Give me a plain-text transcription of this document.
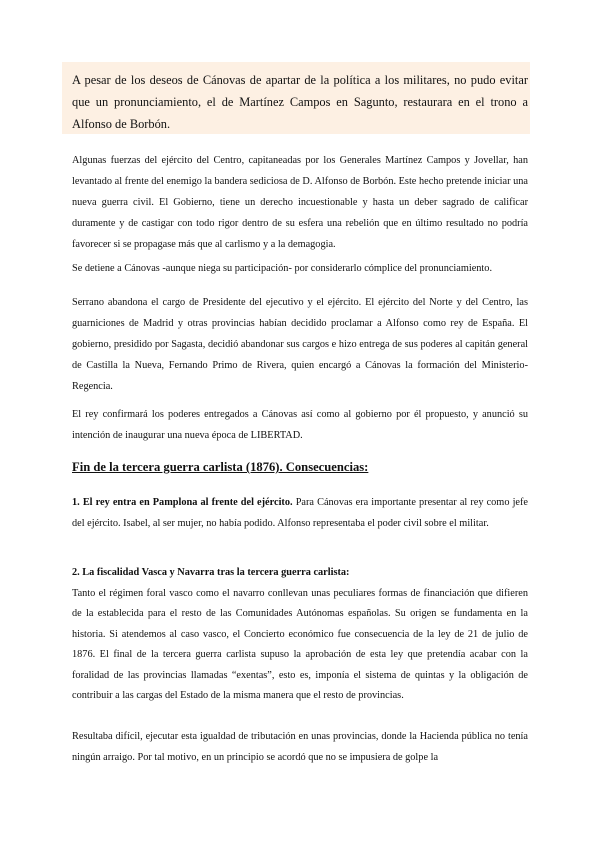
A pesar de los deseos de Cánovas de apartar de la política a los militares, no pudo evitar que un pronunciamiento, el de Martínez Campos en Sagunto, restaurara en el trono a Alfonso de Borbón.

Algunas fuerzas del ejército del Centro, capitaneadas por los Generales Martínez Campos y Jovellar, han levantado al frente del enemigo la bandera sediciosa de D. Alfonso de Borbón. Este hecho pretende iniciar una nueva guerra civil. El Gobierno, tiene un derecho incuestionable y hasta un deber sagrado de calificar duramente y de castigar con todo rigor dentro de su esfera una rebelión que en último resultado no podría favorecer si se propagase más que al carlismo y a la demagogia.

Se detiene a Cánovas -aunque niega su participación- por considerarlo cómplice del pronunciamiento.

Serrano abandona el cargo de Presidente del ejecutivo y el ejército. El ejército del Norte y del Centro, las guarniciones de Madrid y otras provincias habían decidido proclamar a Alfonso como rey de España. El gobierno, presidido por Sagasta, decidió abandonar sus cargos e hizo entrega de sus poderes al capitán general de Castilla la Nueva, Fernando Primo de Rivera, quien encargó a Cánovas la formación del Ministerio-Regencia.

El rey confirmará los poderes entregados a Cánovas así como al gobierno por él propuesto, y anunció su intención de inaugurar una nueva época de LIBERTAD.

Fin de la tercera guerra carlista (1876). Consecuencias:

1. El rey entra en Pamplona al frente del ejército. Para Cánovas era importante presentar al rey como jefe del ejército. Isabel, al ser mujer, no había podido. Alfonso representaba el poder civil sobre el militar.

2. La fiscalidad Vasca y Navarra tras la tercera guerra carlista:
Tanto el régimen foral vasco como el navarro conllevan unas peculiares formas de financiación que difieren de la establecida para el resto de las Comunidades Autónomas españolas. Su origen se fundamenta en la historia. Si atendemos al caso vasco, el Concierto económico fue consecuencia de la ley de 21 de julio de 1876. El final de la tercera guerra carlista supuso la aprobación de esta ley que pretendía acabar con la foralidad de las provincias llamadas “exentas”, esto es, imponía el sistema de quintas y la obligación de contribuir a las cargas del Estado de la misma manera que el resto de provincias.

Resultaba difícil, ejecutar esta igualdad de tributación en unas provincias, donde la Hacienda pública no tenía ningún arraigo. Por tal motivo, en un principio se acordó que no se impusiera de golpe la
